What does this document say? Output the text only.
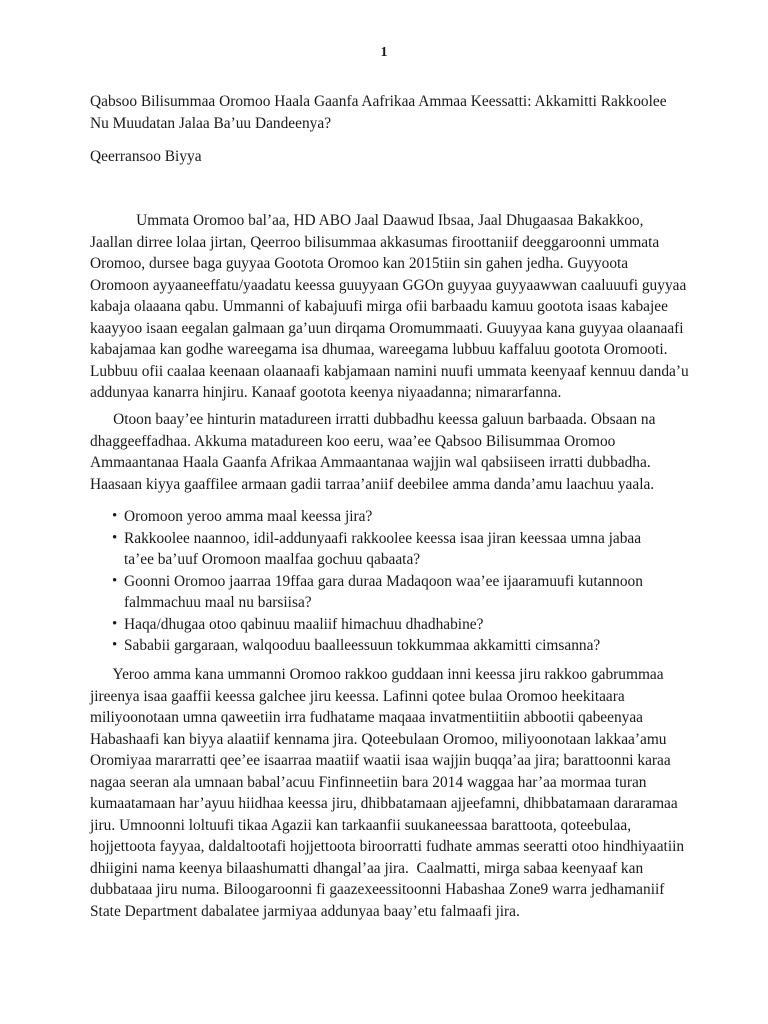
1
Qabsoo Bilisummaa Oromoo Haala Gaanfa Aafrikaa Ammaa Keessatti: Akkamitti Rakkoolee
Nu Muudatan Jalaa Ba’uu Dandeenya?
Qeerransoo Biyya

Ummata Oromoo bal’aa, HD ABO Jaal Daawud Ibsaa, Jaal Dhugaasaa Bakakkoo,
Jaallan dirree lolaa jirtan, Qeerroo bilisummaa akkasumas firoottaniif deeggaroonni ummata
Oromoo, dursee baga guyyaa Gootota Oromoo kan 2015tiin sin gahen jedha. Guyyoota
Oromoon ayyaaneeffatu/yaadatu keessa guuyyaan GGOn guyyaa guyyaawwan caaluuufi guyyaa
kabaja olaaana qabu. Ummanni of kabajuufi mirga ofii barbaadu kamuu gootota isaas kabajee
kaayyoo isaan eegalan galmaan ga’uun dirqama Oromummaati. Guuyyaa kana guyyaa olaanaafi
kabajamaa kan godhe wareegama isa dhumaa, wareegama lubbuu kaffaluu gootota Oromooti.
Lubbuu ofii caalaa keenaan olaanaafi kabjamaan namini nuufi ummata keenyaaf kennuu danda’u
addunyaa kanarra hinjiru. Kanaaf gootota keenya niyaadanna; nimararfanna.

Otoon baay’ee hinturin matadureen irratti dubbadhu keessa galuun barbaada. Obsaan na
dhaggeeffadhaa. Akkuma matadureen koo eeru, waa’ee Qabsoo Bilisummaa Oromoo
Ammaantanaa Haala Gaanfa Afrikaa Ammaantanaa wajjin wal qabsiiseen irratti dubbadha.
Haasaan kiyya gaaffilee armaan gadii tarraa’aniif deebilee amma danda’amu laachuu yaala.

• Oromoon yeroo amma maal keessa jira?
• Rakkoolee naannoo, idil-addunyaafi rakkoolee keessa isaa jiran keessaa umna jabaa
ta’ee ba’uuf Oromoon maalfaa gochuu qabaata?
• Goonni Oromoo jaarraa 19ffaa gara duraa Madaqoon waa’ee ijaaramuufi kutannoon
falmmachuu maal nu barsiisa?
• Haqa/dhugaa otoo qabinuu maaliif himachuu dhadhabine?
• Sababii gargaraan, walqooduu baalleessuun tokkummaa akkamitti cimsanna?

Yeroo amma kana ummanni Oromoo rakkoo guddaan inni keessa jiru rakkoo gabrummaa
jireenya isaa gaaffii keessa galchee jiru keessa. Lafinni qotee bulaa Oromoo heekitaara
miliyoonotaan umna qaweetiin irra fudhatame maqaaa invatmentiitiin abbootii qabeenyaa
Habashaafi kan biyya alaatiif kennama jira. Qoteebulaan Oromoo, miliyoonotaan lakkaa’amu
Oromiyaa mararratti qee’ee isaarraa maatiif waatii isaa wajjin buqqa’aa jira; barattoonni karaa
nagaa seeran ala umnaan babal’acuu Finfinneetiin bara 2014 waggaa har’aa mormaa turan
kumaatamaan har’ayuu hiidhaa keessa jiru, dhibbatamaan ajjeefamni, dhibbatamaan dararamaa
jiru. Umnoonni loltuufi tikaa Agazii kan tarkaanfii suukaneessaa barattoota, qoteebulaa,
hojjettoota fayyaa, daldaltootafi hojjettoota biroorratti fudhate ammas seeratti otoo hindhiyaatiin
dhiigini nama keenya bilaashumatti dhangal’aa jira.  Caalmatti, mirga sabaa keenyaaf kan
dubbataaa jiru numa. Biloogaroonni fi gaazexeessitoonni Habashaa Zone9 warra jedhamaniif
State Department dabalatee jarmiyaa addunyaa baay’etu falmaafi jira.
